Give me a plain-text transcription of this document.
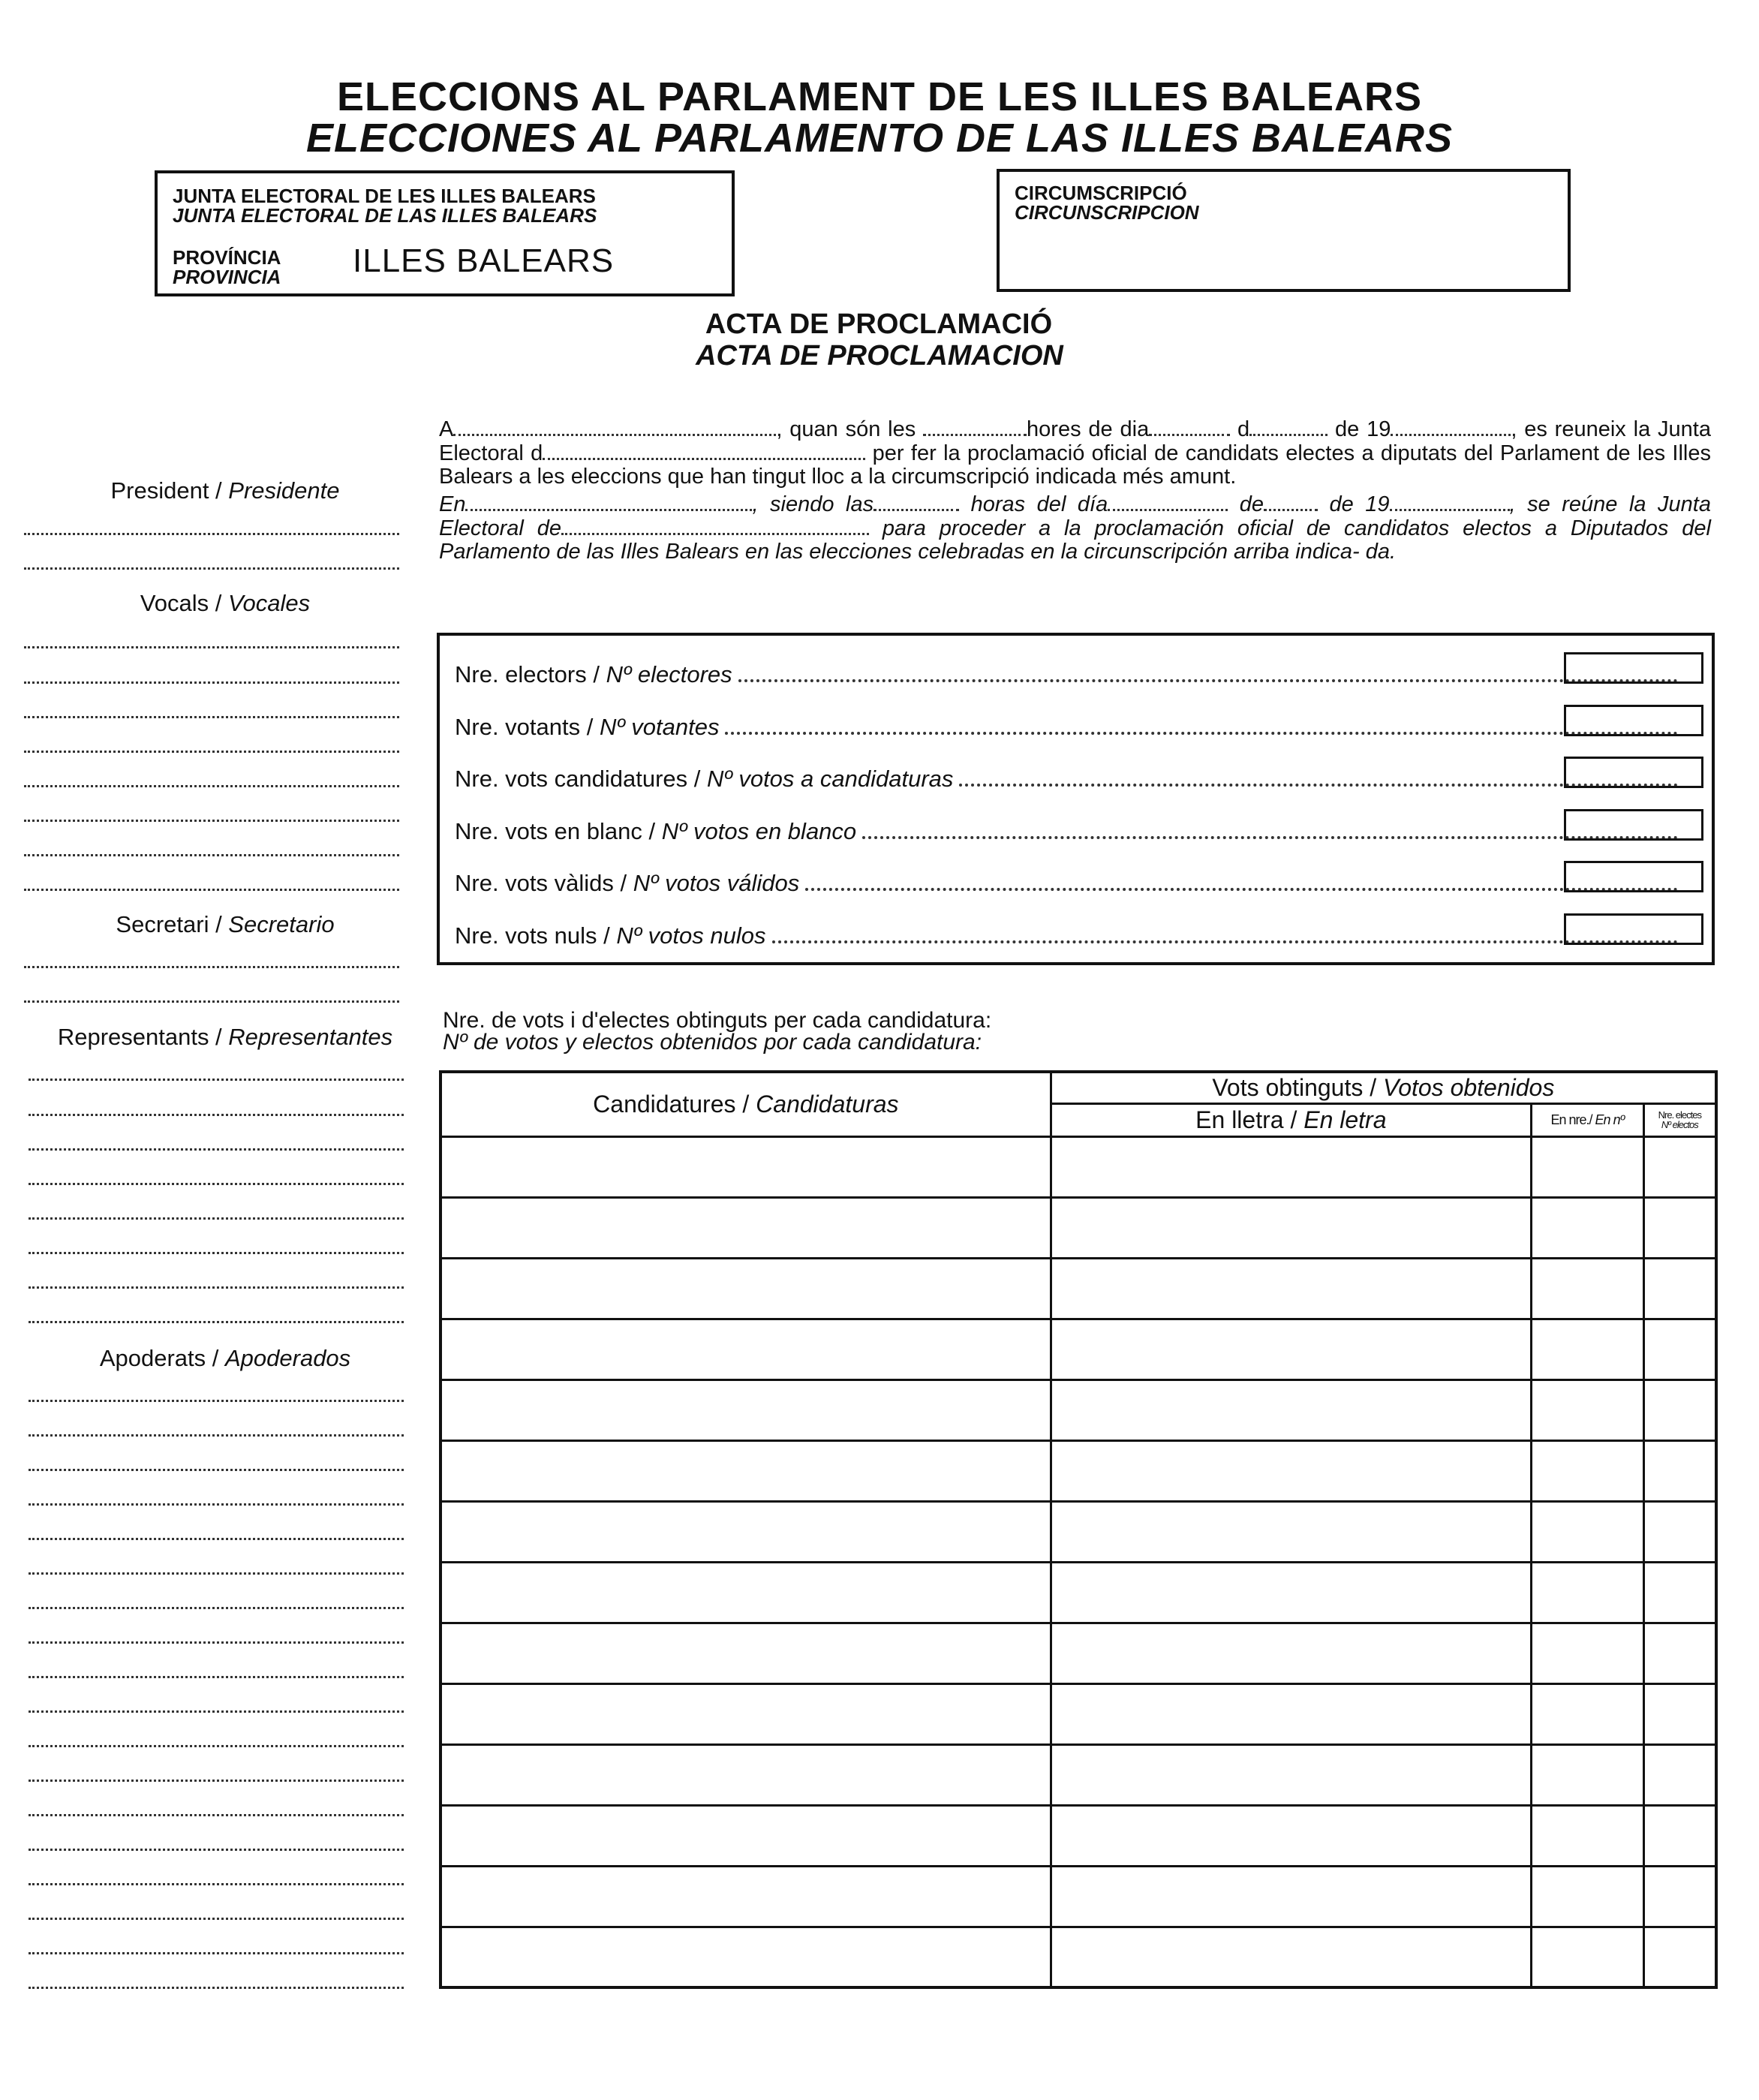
ELECCIONS AL PARLAMENT DE LES ILLES BALEARS
ELECCIONES AL PARLAMENTO DE LAS ILLES BALEARS
JUNTA ELECTORAL DE LES ILLES BALEARS
JUNTA ELECTORAL DE LAS ILLES BALEARS
PROVÍNCIA
PROVINCIA ILLES BALEARS
CIRCUMSCRIPCIÓ
CIRCUNSCRIPCION
ACTA DE PROCLAMACIÓ
ACTA DE PROCLAMACION
President / Presidente
Vocals / Vocales
Secretari / Secretario
Representants / Representantes
Apoderats / Apoderados
A	, quan són les	hores de dia	d	de 19	, es reuneix la Junta Electoral d	per fer la proclamació oficial de candidats electes a diputats del Parlament de les Illes Balears a les eleccions que han tingut lloc a la circumscripció indicada més amunt.
En	, siendo las	horas del día	de	de 19	, se reúne la Junta Electoral de	para proceder a la proclamación oficial de candidatos electos a Diputados del Parlamento de las Illes Balears en las elecciones celebradas en la circunscripción arriba indica- da.
Nre. electors / Nº electores
Nre. votants / Nº votantes
Nre. vots candidatures / Nº votos a candidaturas
Nre. vots en blanc / Nº votos en blanco
Nre. vots vàlids / Nº votos válidos
Nre. vots nuls / Nº votos nulos
Nre. de vots i d'electes obtinguts per cada candidatura:
Nº de votos y electos obtenidos por cada candidatura:
Candidatures / Candidaturas	Vots obtinguts / Votos obtenidos		
	En lletra / En letra	En nre./ En nº	Nre. electes
Nº electos
